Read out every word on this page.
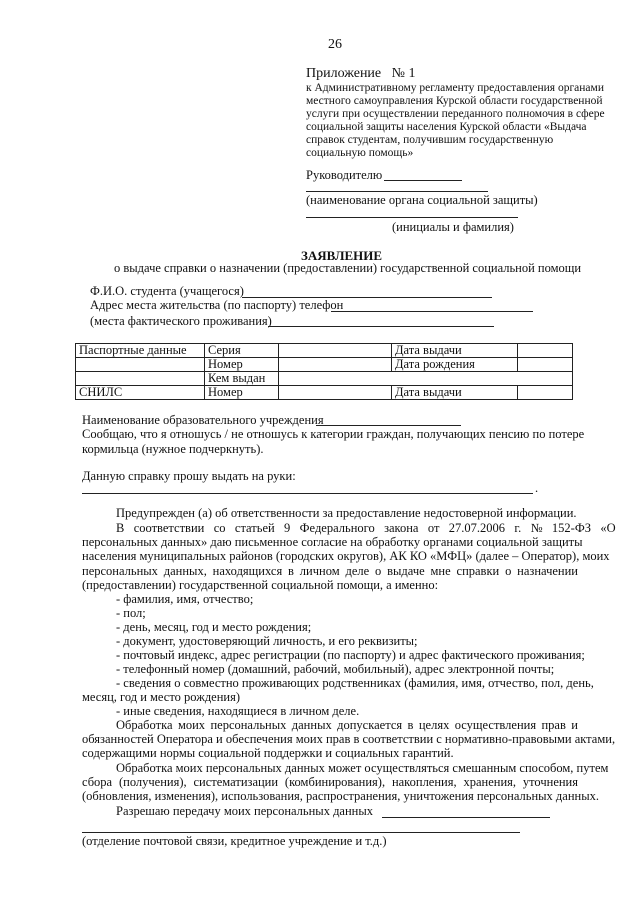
26
Приложение   № 1
к Административному регламенту предоставления органами
местного самоуправления Курской области государственной
услуги при осуществлении переданного полномочия в сфере
социальной защиты населения Курской области «Выдача
справок студентам, получившим государственную
социальную помощь»
Руководителю
(наименование органа социальной защиты)
(инициалы и фамилия)
ЗАЯВЛЕНИЕ
о выдаче справки о назначении (предоставлении) государственной социальной помощи
Ф.И.О. студента (учащегося)
Адрес места жительства (по паспорту) телефон
(места фактического проживания)
Паспортные данные	Серия		Дата выдачи	
	Номер		Дата рождения	
	Кем выдан			
СНИЛС	Номер		Дата выдачи	
Наименование образовательного учреждения
Сообщаю, что я отношусь / не отношусь к категории граждан, получающих пенсию по потере
кормильца (нужное подчеркнуть).
Данную справку прошу выдать на руки:
.
Предупрежден (а) об ответственности за предоставление недостоверной информации.
В   соответствии   со   статьей   9   Федерального   закона   от   27.07.2006   г.   №   152-ФЗ   «О
персональных данных» даю письменное согласие на обработку органами социальной защиты
населения муниципальных районов (городских округов), АК КО «МФЦ» (далее – Оператор), моих
персональных данных, находящихся в личном деле о выдаче мне справки о назначении
(предоставлении) государственной социальной помощи, а именно:
- фамилия, имя, отчество;
- пол;
- день, месяц, год и место рождения;
- документ, удостоверяющий личность, и его реквизиты;
- почтовый индекс, адрес регистрации (по паспорту) и адрес фактического проживания;
- телефонный номер (домашний, рабочий, мобильный), адрес электронной почты;
- сведения о совместно проживающих родственниках (фамилия, имя, отчество, пол, день,
месяц, год и место рождения)
- иные сведения, находящиеся в личном деле.
Обработка моих персональных данных допускается в целях осуществления прав и
обязанностей Оператора и обеспечения моих прав в соответствии с нормативно-правовыми актами,
содержащими нормы социальной поддержки и социальных гарантий.
Обработка моих персональных данных может осуществляться смешанным способом, путем
сбора (получения), систематизации (комбинирования), накопления, хранения, уточнения
(обновления, изменения), использования, распространения, уничтожения персональных данных.
Разрешаю передачу моих персональных данных
(отделение почтовой связи, кредитное учреждение и т.д.)
